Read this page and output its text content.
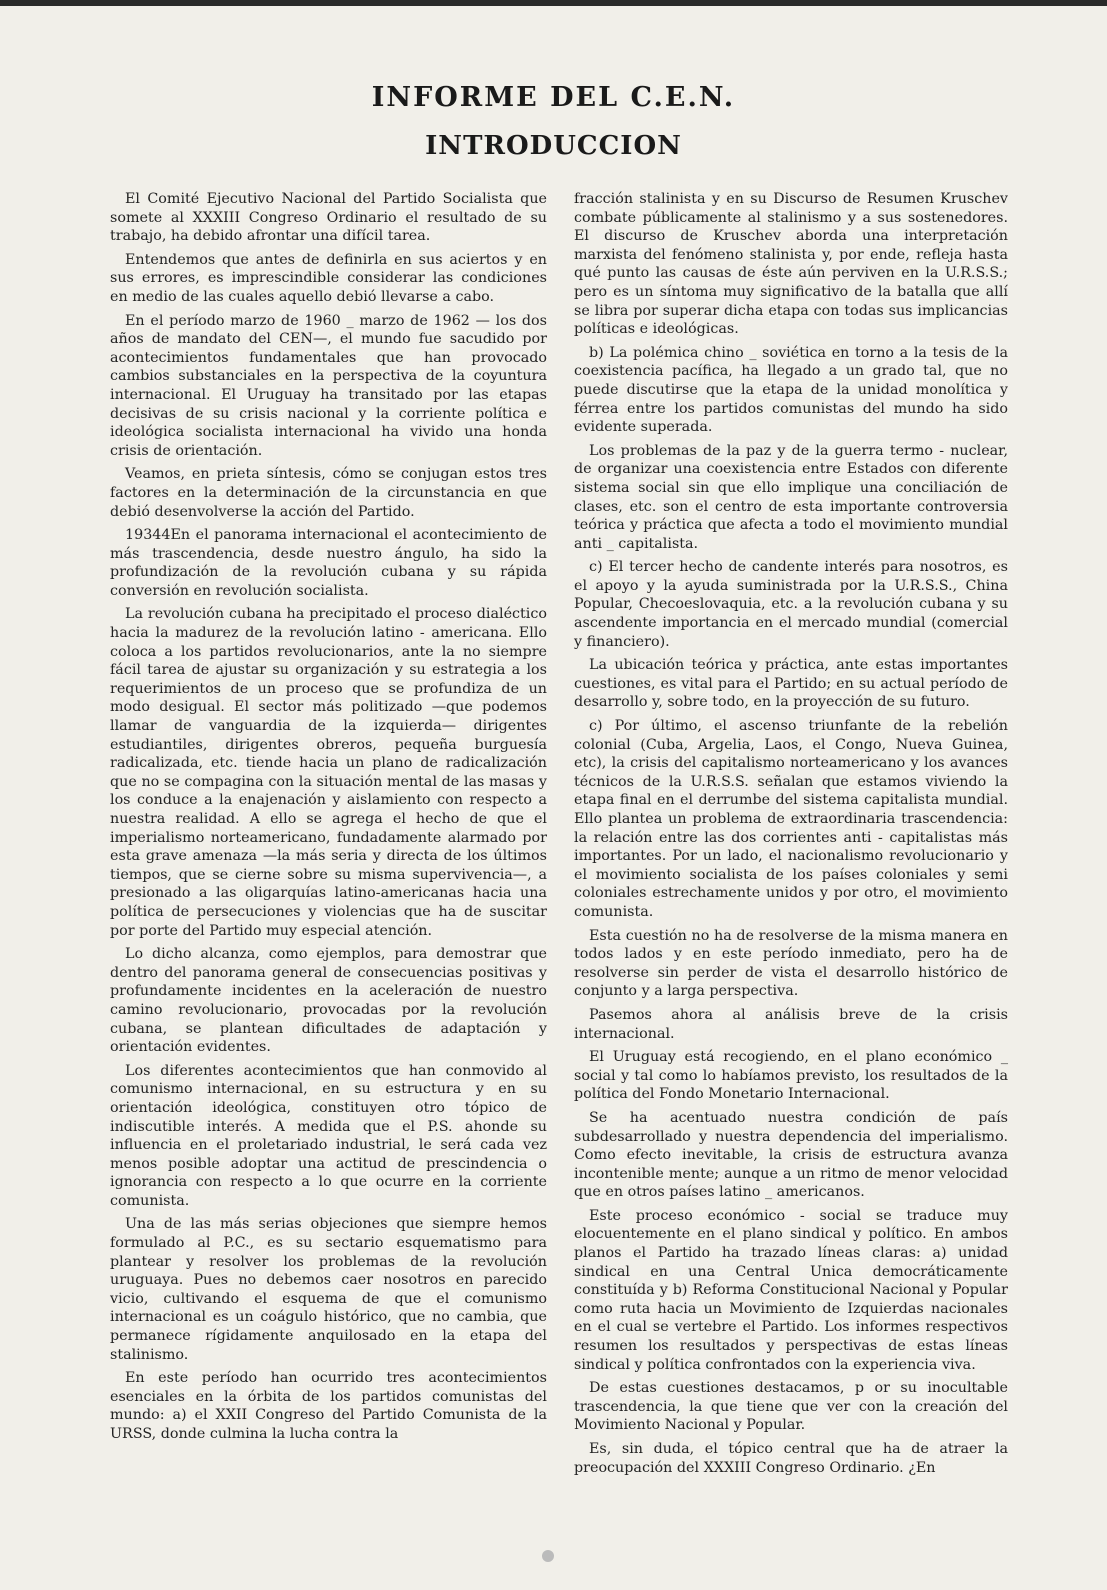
INFORME DEL C.E.N.
INTRODUCCION

El Comité Ejecutivo Nacional del Partido Socialista que somete al XXXIII Congreso Ordinario el resultado de su trabajo, ha debido afrontar una difícil tarea.

Entendemos que antes de definirla en sus aciertos y en sus errores, es imprescindible considerar las condiciones en medio de las cuales aquello debió llevarse a cabo.

En el período marzo de 1960 _ marzo de 1962 — los dos años de mandato del CEN—, el mundo fue sacudido por acontecimientos fundamentales que han provocado cambios substanciales en la perspectiva de la coyuntura internacional. El Uruguay ha transitado por las etapas decisivas de su crisis nacional y la corriente política e ideológica socialista internacional ha vivido una honda crisis de orientación.

Veamos, en prieta síntesis, cómo se conjugan estos tres factores en la determinación de la circunstancia en que debió desenvolverse la acción del Partido.

19344En el panorama internacional el acontecimiento de más trascendencia, desde nuestro ángulo, ha sido la profundización de la revolución cubana y su rápida conversión en revolución socialista.

La revolución cubana ha precipitado el proceso dialéctico hacia la madurez de la revolución latino - americana. Ello coloca a los partidos revolucionarios, ante la no siempre fácil tarea de ajustar su organización y su estrategia a los requerimientos de un proceso que se profundiza de un modo desigual. El sector más politizado —que podemos llamar de vanguardia de la izquierda— dirigentes estudiantiles, dirigentes obreros, pequeña burguesía radicalizada, etc. tiende hacia un plano de radicalización que no se compagina con la situación mental de las masas y los conduce a la enajenación y aislamiento con respecto a nuestra realidad. A ello se agrega el hecho de que el imperialismo norteamericano, fundadamente alarmado por esta grave amenaza —la más seria y directa de los últimos tiempos, que se cierne sobre su misma supervivencia—, a presionado a las oligarquías latino-americanas hacia una política de persecuciones y violencias que ha de suscitar por porte del Partido muy especial atención.

Lo dicho alcanza, como ejemplos, para demostrar que dentro del panorama general de consecuencias positivas y profundamente incidentes en la aceleración de nuestro camino revolucionario, provocadas por la revolución cubana, se plantean dificultades de adaptación y orientación evidentes.

Los diferentes acontecimientos que han conmovido al comunismo internacional, en su estructura y en su orientación ideológica, constituyen otro tópico de indiscutible interés. A medida que el P.S. ahonde su influencia en el proletariado industrial, le será cada vez menos posible adoptar una actitud de prescindencia o ignorancia con respecto a lo que ocurre en la corriente comunista.

Una de las más serias objeciones que siempre hemos formulado al P.C., es su sectario esquematismo para plantear y resolver los problemas de la revolución uruguaya. Pues no debemos caer nosotros en parecido vicio, cultivando el esquema de que el comunismo internacional es un coágulo histórico, que no cambia, que permanece rígidamente anquilosado en la etapa del stalinismo.

En este período han ocurrido tres acontecimientos esenciales en la órbita de los partidos comunistas del mundo: a) el XXII Congreso del Partido Comunista de la URSS, donde culmina la lucha contra la

fracción stalinista y en su Discurso de Resumen Kruschev combate públicamente al stalinismo y a sus sostenedores. El discurso de Kruschev aborda una interpretación marxista del fenómeno stalinista y, por ende, refleja hasta qué punto las causas de éste aún perviven en la U.R.S.S.; pero es un síntoma muy significativo de la batalla que allí se libra por superar dicha etapa con todas sus implicancias políticas e ideológicas.

b) La polémica chino _ soviética en torno a la tesis de la coexistencia pacífica, ha llegado a un grado tal, que no puede discutirse que la etapa de la unidad monolítica y férrea entre los partidos comunistas del mundo ha sido evidente superada.

Los problemas de la paz y de la guerra termo - nuclear, de organizar una coexistencia entre Estados con diferente sistema social sin que ello implique una conciliación de clases, etc. son el centro de esta importante controversia teórica y práctica que afecta a todo el movimiento mundial anti _ capitalista.

c) El tercer hecho de candente interés para nosotros, es el apoyo y la ayuda suministrada por la U.R.S.S., China Popular, Checoeslovaquia, etc. a la revolución cubana y su ascendente importancia en el mercado mundial (comercial y financiero).

La ubicación teórica y práctica, ante estas importantes cuestiones, es vital para el Partido; en su actual período de desarrollo y, sobre todo, en la proyección de su futuro.

c) Por último, el ascenso triunfante de la rebelión colonial (Cuba, Argelia, Laos, el Congo, Nueva Guinea, etc), la crisis del capitalismo norteamericano y los avances técnicos de la U.R.S.S. señalan que estamos viviendo la etapa final en el derrumbe del sistema capitalista mundial. Ello plantea un problema de extraordinaria trascendencia: la relación entre las dos corrientes anti - capitalistas más importantes. Por un lado, el nacionalismo revolucionario y el movimiento socialista de los países coloniales y semi coloniales estrechamente unidos y por otro, el movimiento comunista.

Esta cuestión no ha de resolverse de la misma manera en todos lados y en este período inmediato, pero ha de resolverse sin perder de vista el desarrollo histórico de conjunto y a larga perspectiva.

Pasemos ahora al análisis breve de la crisis internacional.

El Uruguay está recogiendo, en el plano económico _ social y tal como lo habíamos previsto, los resultados de la política del Fondo Monetario Internacional.

Se ha acentuado nuestra condición de país subdesarrollado y nuestra dependencia del imperialismo. Como efecto inevitable, la crisis de estructura avanza incontenible mente; aunque a un ritmo de menor velocidad que en otros países latino _ americanos.

Este proceso económico - social se traduce muy elocuentemente en el plano sindical y político. En ambos planos el Partido ha trazado líneas claras: a) unidad sindical en una Central Unica democráticamente constituída y b) Reforma Constitucional Nacional y Popular como ruta hacia un Movimiento de Izquierdas nacionales en el cual se vertebre el Partido. Los informes respectivos resumen los resultados y perspectivas de estas líneas sindical y política confrontados con la experiencia viva.

De estas cuestiones destacamos, p or su inocultable trascendencia, la que tiene que ver con la creación del Movimiento Nacional y Popular.

Es, sin duda, el tópico central que ha de atraer la preocupación del XXXIII Congreso Ordinario. ¿En
